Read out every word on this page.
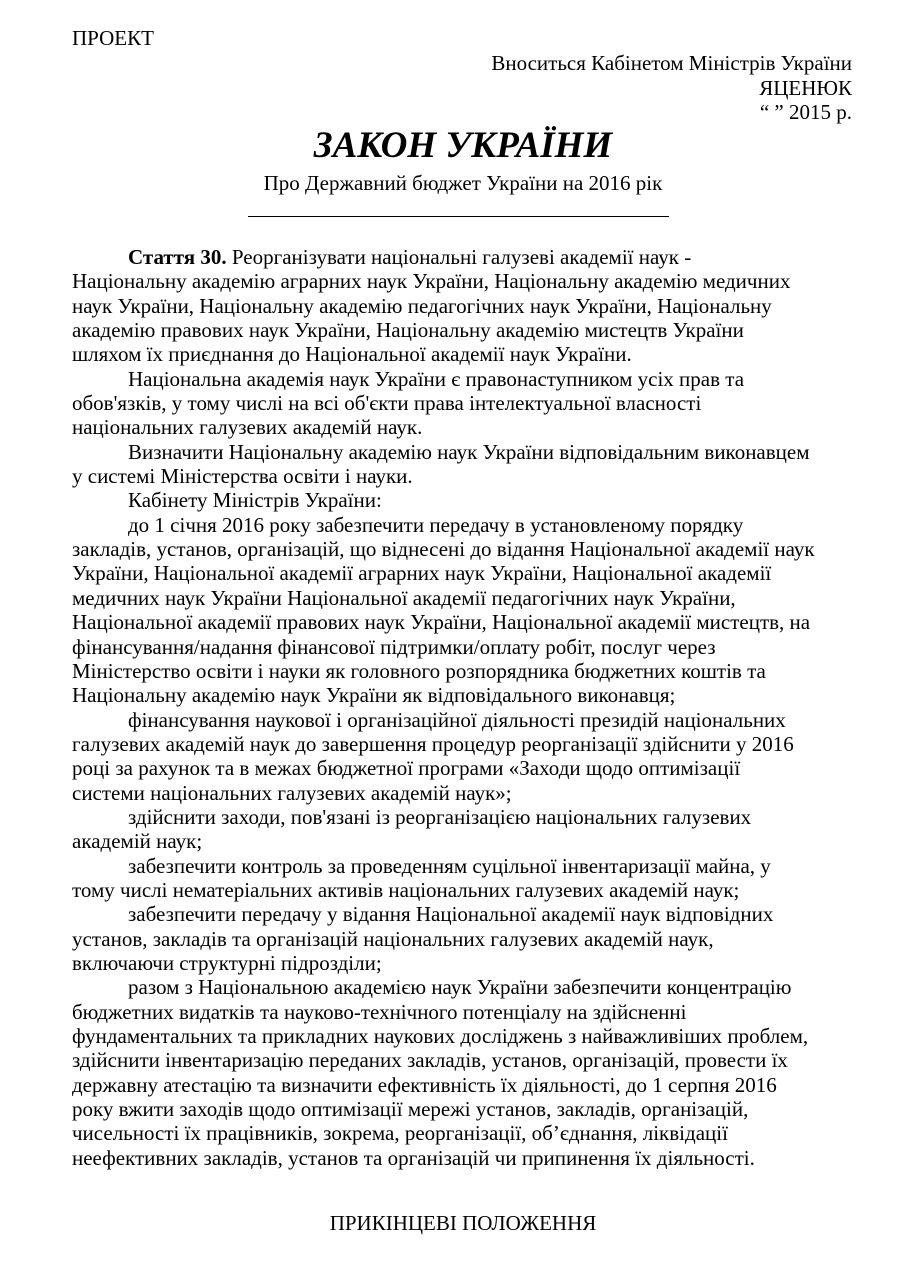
ПРОЕКТ
Вноситься Кабінетом Міністрів України
ЯЦЕНЮК
“ ” 2015 р.
ЗАКОН УКРАЇНИ
Про Державний бюджет України на 2016 рік
Стаття 30. Реорганізувати національні галузеві академії наук -
Національну академію аграрних наук України, Національну академію медичних
наук України, Національну академію педагогічних наук України, Національну
академію правових наук України, Національну академію мистецтв України
шляхом їх приєднання до Національної академії наук України.
Національна академія наук України є правонаступником усіх прав та
обов'язків, у тому числі на всі об'єкти права інтелектуальної власності
національних галузевих академій наук.
Визначити Національну академію наук України відповідальним виконавцем
у системі Міністерства освіти і науки.
Кабінету Міністрів України:
до 1 січня 2016 року забезпечити передачу в установленому порядку
закладів, установ, організацій, що віднесені до відання Національної академії наук
України, Національної академії аграрних наук України, Національної академії
медичних наук України Національної академії педагогічних наук України,
Національної академії правових наук України, Національної академії мистецтв, на
фінансування/надання фінансової підтримки/оплату робіт, послуг через
Міністерство освіти і науки як головного розпорядника бюджетних коштів та
Національну академію наук України як відповідального виконавця;
фінансування наукової і організаційної діяльності президій національних
галузевих академій наук до завершення процедур реорганізації здійснити у 2016
році за рахунок та в межах бюджетної програми «Заходи щодо оптимізації
системи національних галузевих академій наук»;
здійснити заходи, пов'язані із реорганізацією національних галузевих
академій наук;
забезпечити контроль за проведенням суцільної інвентаризації майна, у
тому числі нематеріальних активів національних галузевих академій наук;
забезпечити передачу у відання Національної академії наук відповідних
установ, закладів та організацій національних галузевих академій наук,
включаючи структурні підрозділи;
разом з Національною академією наук України забезпечити концентрацію
бюджетних видатків та науково-технічного потенціалу на здійсненні
фундаментальних та прикладних наукових досліджень з найважливіших проблем,
здійснити інвентаризацію переданих закладів, установ, організацій, провести їх
державну атестацію та визначити ефективність їх діяльності, до 1 серпня 2016
року вжити заходів щодо оптимізації мережі установ, закладів, організацій,
чисельності їх працівників, зокрема, реорганізації, об’єднання, ліквідації
неефективних закладів, установ та організацій чи припинення їх діяльності.
ПРИКІНЦЕВІ ПОЛОЖЕННЯ
